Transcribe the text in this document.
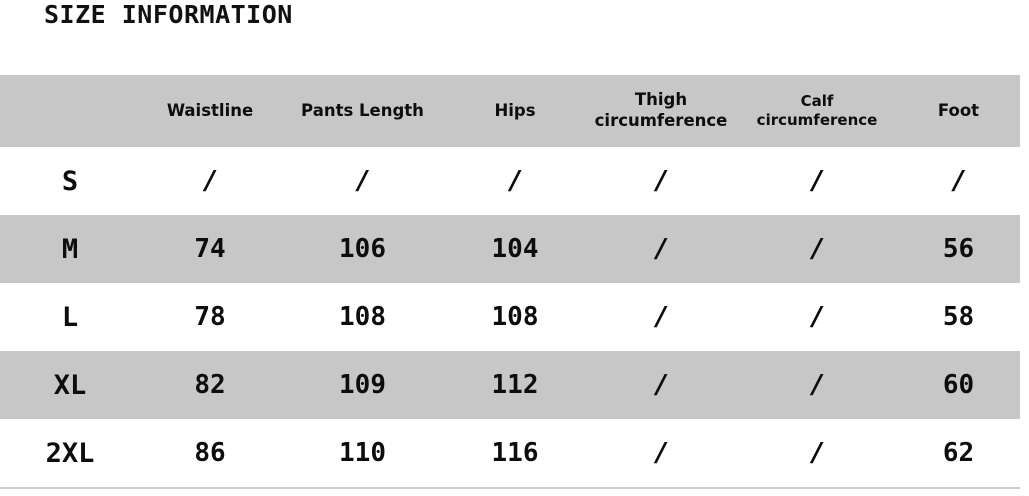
SIZE INFORMATION
	Waistline	Pants Length	Hips	Thigh circumference	Calf circumference	Foot
S	/	/	/	/	/	/
M	74	106	104	/	/	56
L	78	108	108	/	/	58
XL	82	109	112	/	/	60
2XL	86	110	116	/	/	62
